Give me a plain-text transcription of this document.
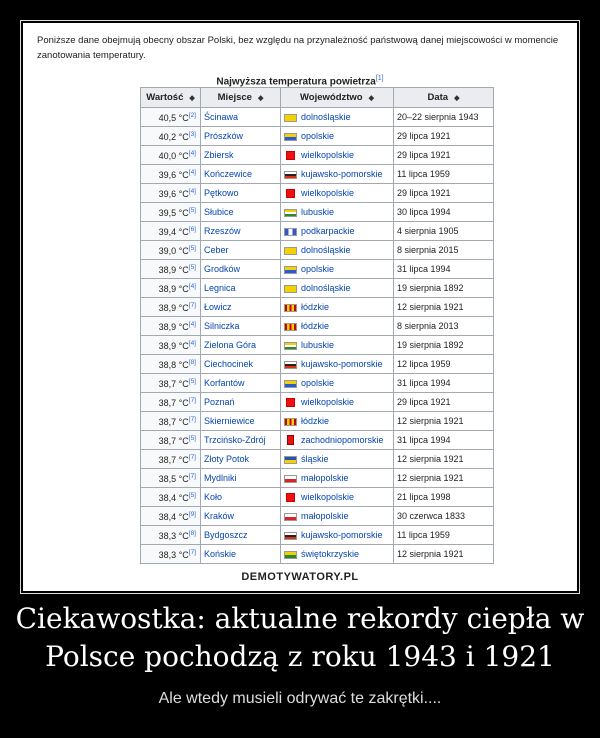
Poniższe dane obejmują obecny obszar Polski, bez względu na przynależność państwową danej miejscowości w momencie zanotowania temperatury.
Najwyższa temperatura powietrza[1]
Wartość ◆	Miejsce ◆	Województwo ◆	Data ◆
40,5 °C[2]	Ścinawa	dolnośląskie	20–22 sierpnia 1943
40,2 °C[3]	Prószków	opolskie	29 lipca 1921
40,0 °C[4]	Zbiersk	wielkopolskie	29 lipca 1921
39,6 °C[4]	Kończewice	kujawsko-pomorskie	11 lipca 1959
39,6 °C[4]	Pętkowo	wielkopolskie	29 lipca 1921
39,5 °C[5]	Słubice	lubuskie	30 lipca 1994
39,4 °C[6]	Rzeszów	podkarpackie	4 sierpnia 1905
39,0 °C[5]	Ceber	dolnośląskie	8 sierpnia 2015
38,9 °C[5]	Grodków	opolskie	31 lipca 1994
38,9 °C[4]	Legnica	dolnośląskie	19 sierpnia 1892
38,9 °C[7]	Łowicz	łódzkie	12 sierpnia 1921
38,9 °C[4]	Silniczka	łódzkie	8 sierpnia 2013
38,9 °C[4]	Zielona Góra	lubuskie	19 sierpnia 1892
38,8 °C[8]	Ciechocinek	kujawsko-pomorskie	12 lipca 1959
38,7 °C[5]	Korfantów	opolskie	31 lipca 1994
38,7 °C[7]	Poznań	wielkopolskie	29 lipca 1921
38,7 °C[7]	Skierniewice	łódzkie	12 sierpnia 1921
38,7 °C[5]	Trzcińsko-Zdrój	zachodniopomorskie	31 lipca 1994
38,7 °C[7]	Złoty Potok	śląskie	12 sierpnia 1921
38,5 °C[7]	Mydlniki	małopolskie	12 sierpnia 1921
38,4 °C[5]	Koło	wielkopolskie	21 lipca 1998
38,4 °C[9]	Kraków	małopolskie	30 czerwca 1833
38,3 °C[8]	Bydgoszcz	kujawsko-pomorskie	11 lipca 1959
38,3 °C[7]	Końskie	świętokrzyskie	12 sierpnia 1921
DEMOTYWATORY.PL
Ciekawostka: aktualne rekordy ciepła w Polsce pochodzą z roku 1943 i 1921
Ale wtedy musieli odrywać te zakrętki....
